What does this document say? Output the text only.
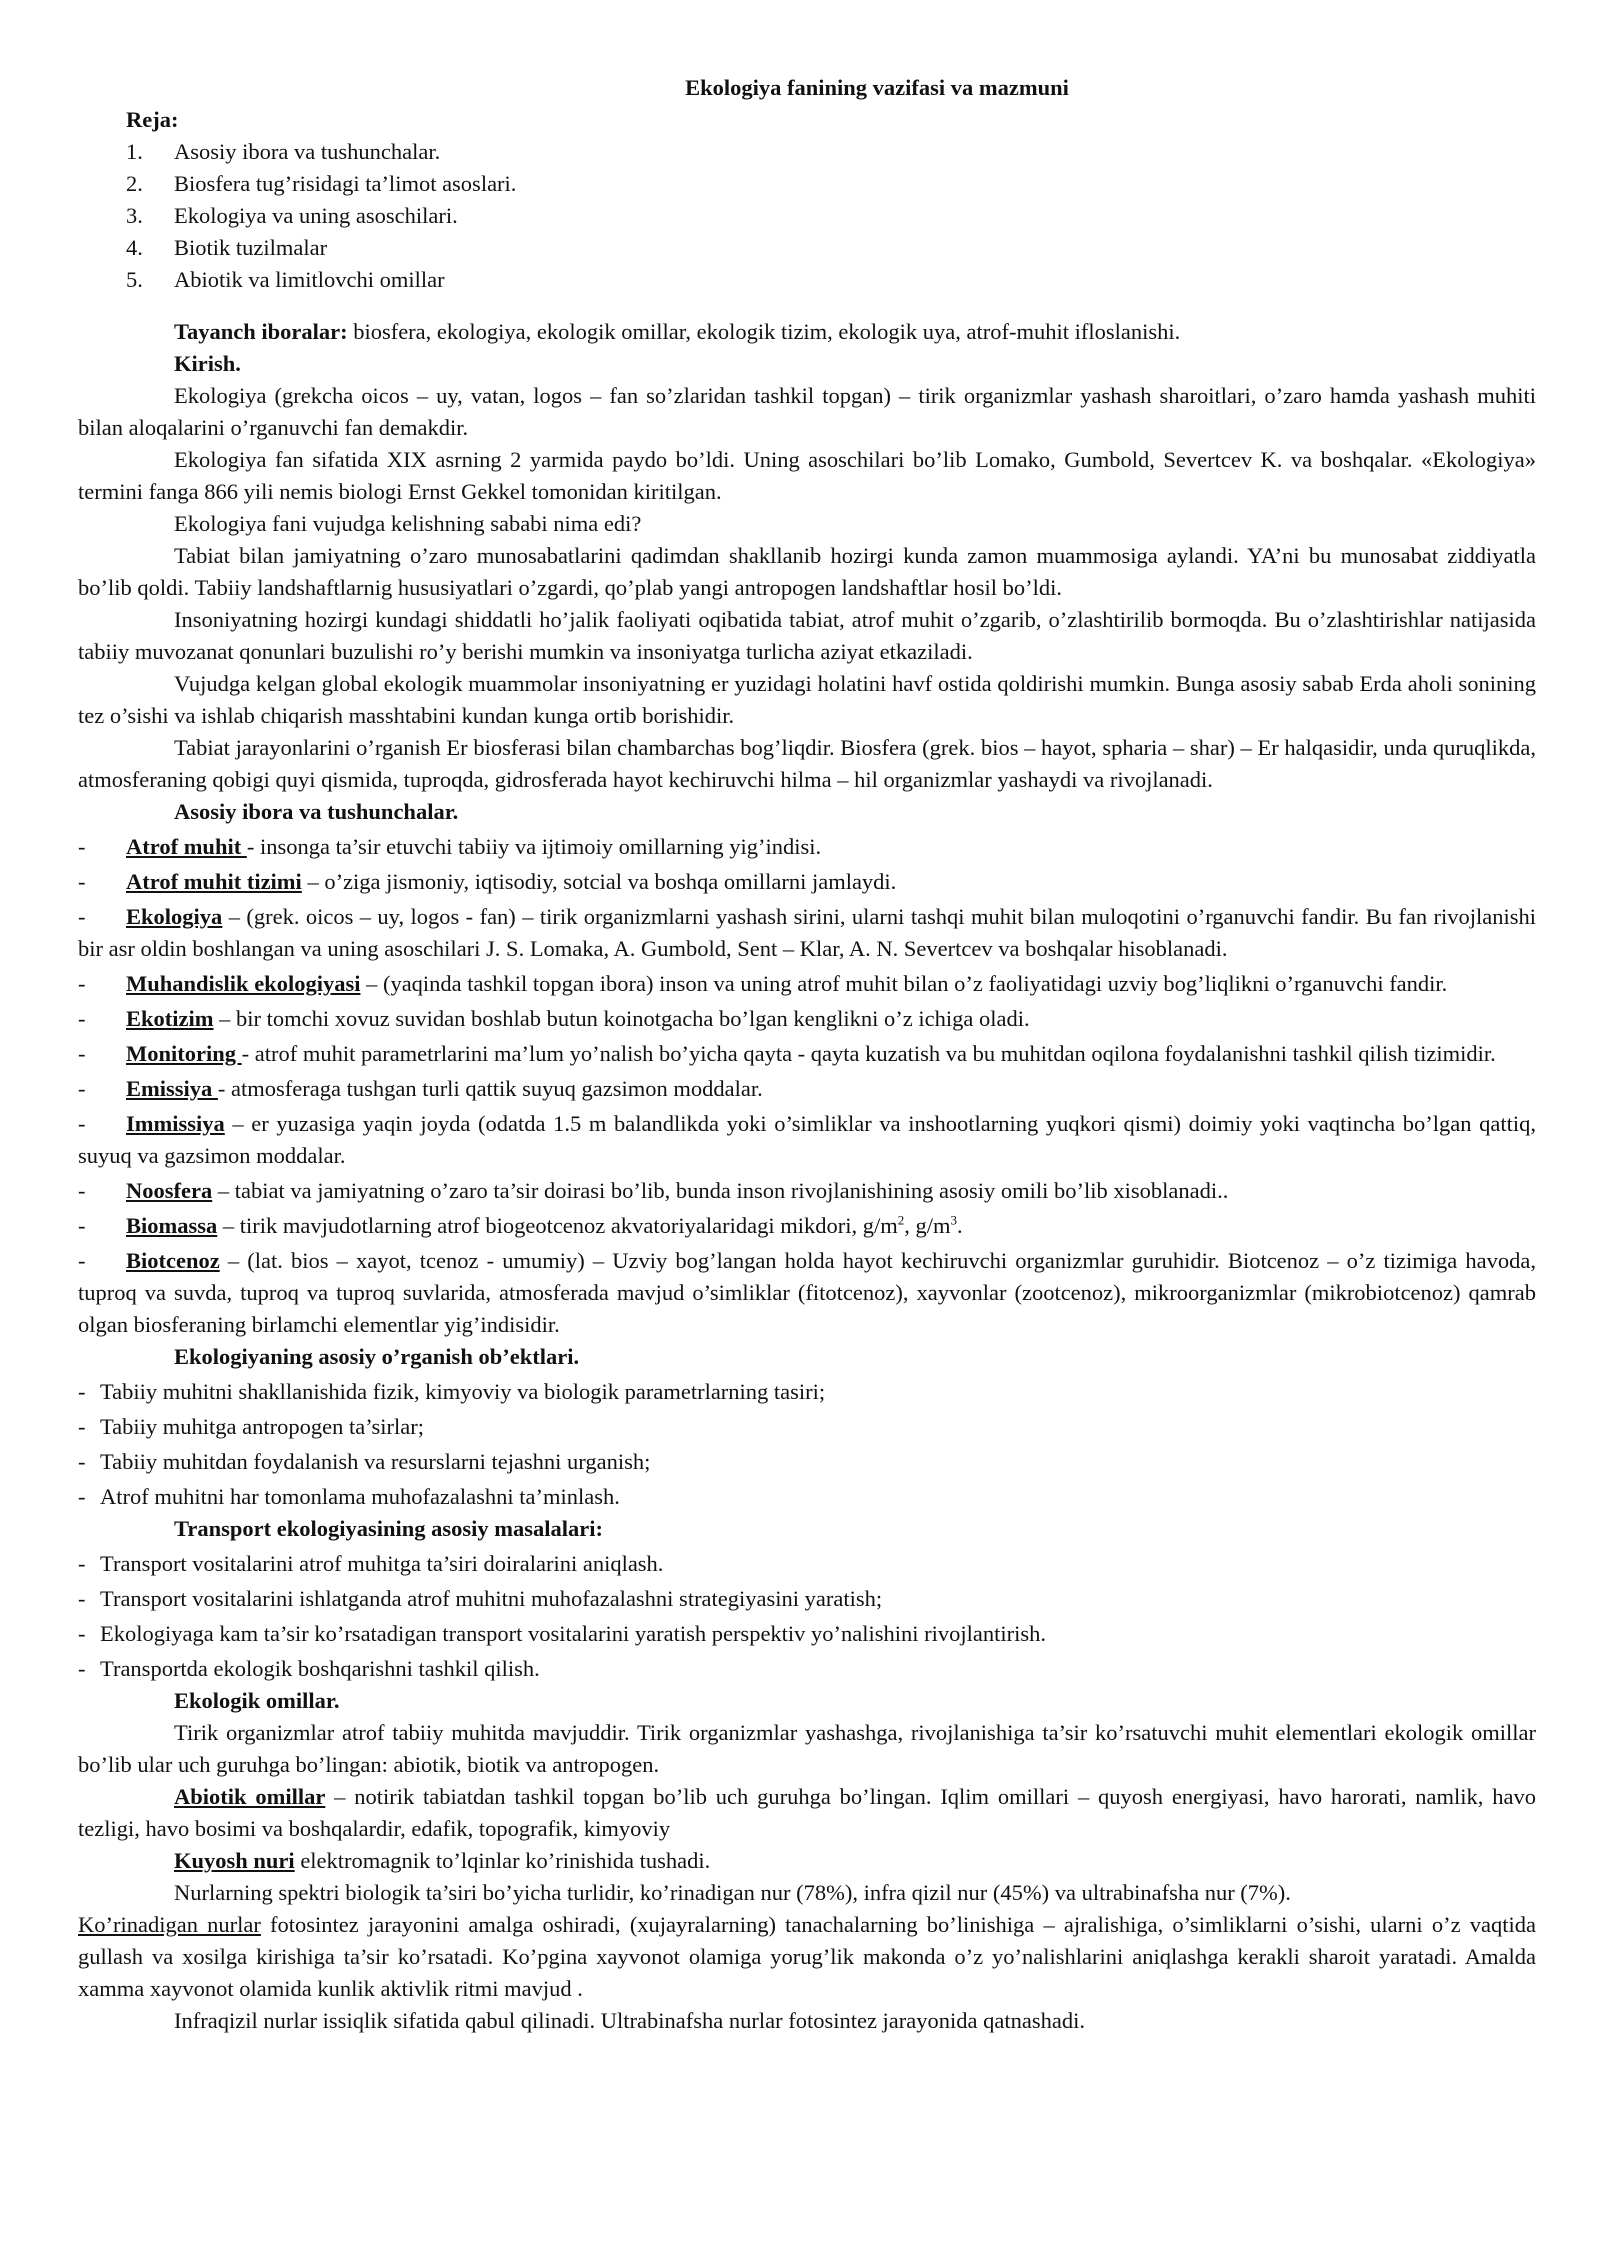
Ekologiya fanining vazifasi va mazmuni
Reja:
1.	Asosiy ibora va tushunchalar.
2.	Biosfera tug’risidagi ta’limot asoslari.
3.	Ekologiya va uning asoschilari.
4.	Biotik tuzilmalar
5.	Abiotik va limitlovchi omillar

Tayanch iboralar: biosfera, ekologiya, ekologik omillar, ekologik tizim, ekologik uya, atrof-muhit ifloslanishi.

Kirish.

Ekologiya (grekcha oicos – uy, vatan, logos – fan so’zlaridan tashkil topgan) – tirik organizmlar yashash sharoitlari, o’zaro hamda yashash muhiti bilan aloqalarini o’rganuvchi fan demakdir.

Ekologiya fan sifatida XIX asrning 2 yarmida paydo bo’ldi. Uning asoschilari bo’lib Lomako, Gumbold, Severtcev K. va boshqalar. «Ekologiya» termini fanga 866 yili nemis biologi Ernst Gekkel tomonidan kiritilgan.

Ekologiya fani vujudga kelishning sababi nima edi?

Tabiat bilan jamiyatning o’zaro munosabatlarini qadimdan shakllanib hozirgi kunda zamon muammosiga aylandi. YA’ni bu munosabat ziddiyatla bo’lib qoldi. Tabiiy landshaftlarnig hususiyatlari o’zgardi, qo’plab yangi antropogen landshaftlar hosil bo’ldi.

Insoniyatning hozirgi kundagi shiddatli ho’jalik faoliyati oqibatida tabiat, atrof muhit o’zgarib, o’zlashtirilib bormoqda. Bu o’zlashtirishlar natijasida tabiiy muvozanat qonunlari buzulishi ro’y berishi mumkin va insoniyatga turlicha aziyat etkaziladi.

Vujudga kelgan global ekologik muammolar insoniyatning er yuzidagi holatini havf ostida qoldirishi mumkin. Bunga asosiy sabab Erda aholi sonining tez o’sishi va ishlab chiqarish masshtabini kundan kunga ortib borishidir.

Tabiat jarayonlarini o’rganish Er biosferasi bilan chambarchas bog’liqdir. Biosfera (grek. bios – hayot, spharia – shar) – Er halqasidir, unda quruqlikda, atmosferaning qobigi quyi qismida, tuproqda, gidrosferada hayot kechiruvchi hilma – hil organizmlar yashaydi va rivojlanadi.

Asosiy ibora va tushunchalar.
-	Atrof muhit - insonga ta’sir etuvchi tabiiy va ijtimoiy omillarning yig’indisi.
-	Atrof muhit tizimi – o’ziga jismoniy, iqtisodiy, sotcial va boshqa omillarni jamlaydi.
-	Ekologiya – (grek. oicos – uy, logos - fan) – tirik organizmlarni yashash sirini, ularni tashqi muhit bilan muloqotini o’rganuvchi fandir. Bu fan rivojlanishi bir asr oldin boshlangan va uning asoschilari J. S. Lomaka, A. Gumbold, Sent – Klar, A. N. Severtcev va boshqalar hisoblanadi.
-	Muhandislik ekologiyasi – (yaqinda tashkil topgan ibora) inson va uning atrof muhit bilan o’z faoliyatidagi uzviy bog’liqlikni o’rganuvchi fandir.
-	Ekotizim – bir tomchi xovuz suvidan boshlab butun koinotgacha bo’lgan kenglikni o’z ichiga oladi.
-	Monitoring - atrof muhit parametrlarini ma’lum yo’nalish bo’yicha qayta - qayta kuzatish va bu muhitdan oqilona foydalanishni tashkil qilish tizimidir.
-	Emissiya - atmosferaga tushgan turli qattik suyuq gazsimon moddalar.
-	Immissiya – er yuzasiga yaqin joyda (odatda 1.5 m balandlikda yoki o’simliklar va inshootlarning yuqkori qismi) doimiy yoki vaqtincha bo’lgan qattiq, suyuq va gazsimon moddalar.
-	Noosfera – tabiat va jamiyatning o’zaro ta’sir doirasi bo’lib, bunda inson rivojlanishining asosiy omili bo’lib xisoblanadi..
-	Biomassa – tirik mavjudotlarning atrof biogeotcenoz akvatoriyalaridagi mikdori, $g/m^2$, $g/m^3$.
-	Biotcenoz – (lat. bios – xayot, tcenoz - umumiy) – Uzviy bog’langan holda hayot kechiruvchi organizmlar guruhidir. Biotcenoz – o’z tizimiga havoda, tuproq va suvda, tuproq va tuproq suvlarida, atmosferada mavjud o’simliklar (fitotcenoz), xayvonlar (zootcenoz), mikroorganizmlar (mikrobiotcenoz) qamrab olgan biosferaning birlamchi elementlar yig’indisidir.
Ekologiyaning asosiy o’rganish ob’ektlari.
- Tabiiy muhitni shakllanishida fizik, kimyoviy va biologik parametrlarning tasiri;
- Tabiiy muhitga antropogen ta’sirlar;
- Tabiiy muhitdan foydalanish va resurslarni tejashni urganish;
- Atrof muhitni har tomonlama muhofazalashni ta’minlash.
Transport ekologiyasining asosiy masalalari:
- Transport vositalarini atrof muhitga ta’siri doiralarini aniqlash.
- Transport vositalarini ishlatganda atrof muhitni muhofazalashni strategiyasini yaratish;
- Ekologiyaga kam ta’sir ko’rsatadigan transport vositalarini yaratish perspektiv yo’nalishini rivojlantirish.
- Transportda ekologik boshqarishni tashkil qilish.
Ekologik omillar.

Tirik organizmlar atrof tabiiy muhitda mavjuddir. Tirik organizmlar yashashga, rivojlanishiga ta’sir ko’rsatuvchi muhit elementlari ekologik omillar bo’lib ular uch guruhga bo’lingan: abiotik, biotik va antropogen.

Abiotik omillar – notirik tabiatdan tashkil topgan bo’lib uch guruhga bo’lingan. Iqlim omillari – quyosh energiyasi, havo harorati, namlik, havo tezligi, havo bosimi va boshqalardir, edafik, topografik, kimyoviy

Kuyosh nuri elektromagnik to’lqinlar ko’rinishida tushadi.

Nurlarning spektri biologik ta’siri bo’yicha turlidir, ko’rinadigan nur (78%), infra qizil nur (45%) va ultrabinafsha nur (7%).

Ko’rinadigan nurlar fotosintez jarayonini amalga oshiradi, (xujayralarning) tanachalarning bo’linishiga – ajralishiga, o’simliklarni o’sishi, ularni o’z vaqtida gullash va xosilga kirishiga ta’sir ko’rsatadi. Ko’pgina xayvonot olamiga yorug’lik makonda o’z yo’nalishlarini aniqlashga kerakli sharoit yaratadi. Amalda xamma xayvonot olamida kunlik aktivlik ritmi mavjud .

Infraqizil nurlar issiqlik sifatida qabul qilinadi. Ultrabinafsha nurlar fotosintez jarayonida qatnashadi.
